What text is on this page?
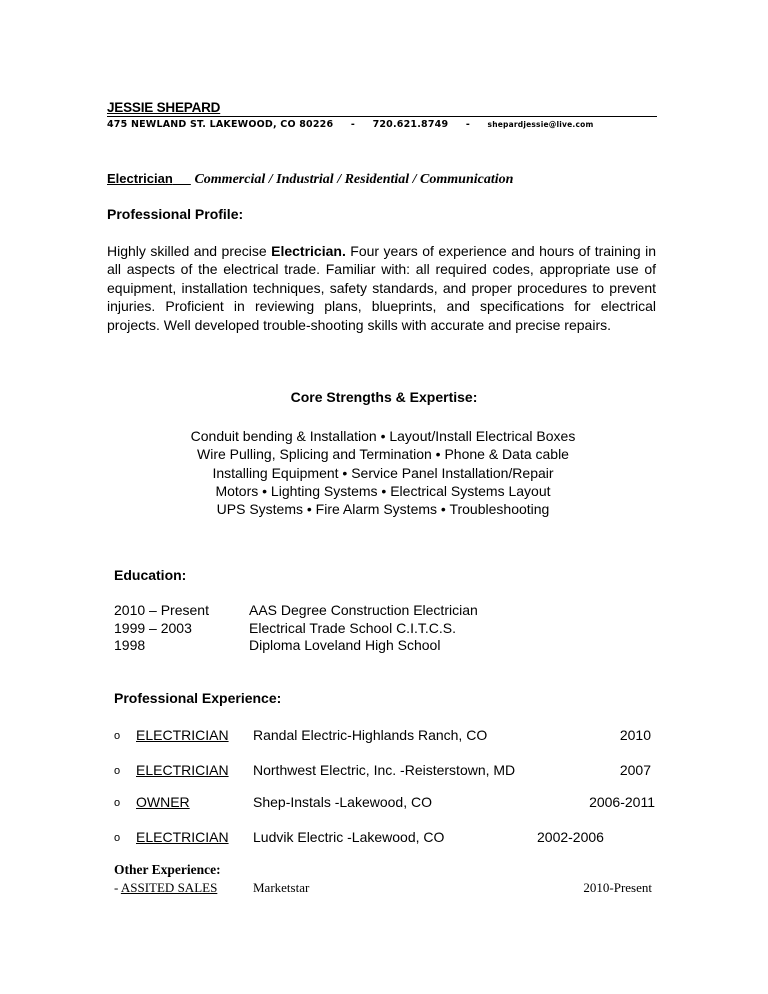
JESSIE SHEPARD
475 NEWLAND ST. LAKEWOOD, CO 80226 - 720.621.8749 - shepardjessie@live.com
Electrician Commercial / Industrial / Residential / Communication
Professional Profile:
Highly skilled and precise Electrician. Four years of experience and hours of training in all aspects of the electrical trade. Familiar with: all required codes, appropriate use of equipment, installation techniques, safety standards, and proper procedures to prevent injuries. Proficient in reviewing plans, blueprints, and specifications for electrical projects. Well developed trouble-shooting skills with accurate and precise repairs.
Core Strengths & Expertise:
Conduit bending & Installation • Layout/Install Electrical Boxes
Wire Pulling, Splicing and Termination • Phone & Data cable
Installing Equipment • Service Panel Installation/Repair
Motors • Lighting Systems • Electrical Systems Layout
UPS Systems • Fire Alarm Systems • Troubleshooting
Education:
2010 – Present	AAS Degree Construction Electrician
1999 – 2003	Electrical Trade School C.I.T.C.S.
1998	Diploma Loveland High School
Professional Experience:
o ELECTRICIAN Randal Electric-Highlands Ranch, CO	2010
o ELECTRICIAN Northwest Electric, Inc. -Reisterstown, MD	2007
o OWNER	Shep-Instals -Lakewood, CO	2006-2011
o ELECTRICIAN Ludvik Electric -Lakewood, CO	2002-2006
Other Experience:
- ASSITED SALES	Marketstar	2010-Present
